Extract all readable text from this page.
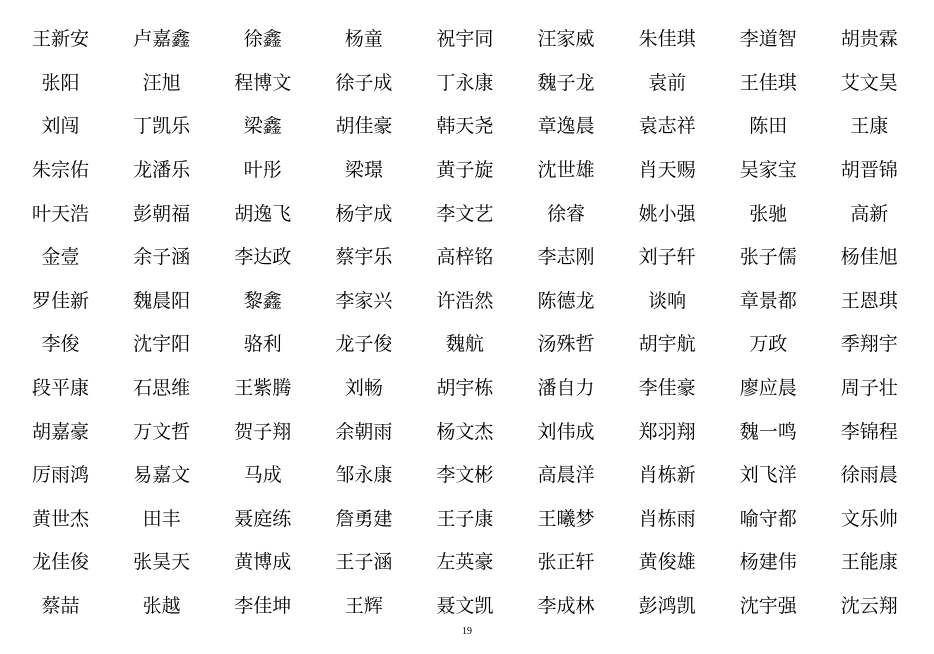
王新安	卢嘉鑫	徐鑫	杨童	祝宇同	汪家威	朱佳琪	李道智	胡贵霖
张阳	汪旭	程博文	徐子成	丁永康	魏子龙	袁前	王佳琪	艾文昊
刘闯	丁凯乐	梁鑫	胡佳豪	韩天尧	章逸晨	袁志祥	陈田	王康
朱宗佑	龙潘乐	叶彤	梁璟	黄子旋	沈世雄	肖天赐	吴家宝	胡晋锦
叶天浩	彭朝福	胡逸飞	杨宇成	李文艺	徐睿	姚小强	张驰	高新
金壹	余子涵	李达政	蔡宇乐	高梓铭	李志刚	刘子轩	张子儒	杨佳旭
罗佳新	魏晨阳	黎鑫	李家兴	许浩然	陈德龙	谈响	章景都	王恩琪
李俊	沈宇阳	骆利	龙子俊	魏航	汤殊哲	胡宇航	万政	季翔宇
段平康	石思维	王紫腾	刘畅	胡宇栋	潘自力	李佳豪	廖应晨	周子壮
胡嘉豪	万文哲	贺子翔	余朝雨	杨文杰	刘伟成	郑羽翔	魏一鸣	李锦程
厉雨鸿	易嘉文	马成	邹永康	李文彬	高晨洋	肖栋新	刘飞洋	徐雨晨
黄世杰	田丰	聂庭练	詹勇建	王子康	王曦梦	肖栋雨	喻守都	文乐帅
龙佳俊	张昊天	黄博成	王子涵	左英豪	张正轩	黄俊雄	杨建伟	王能康
蔡喆	张越	李佳坤	王辉	聂文凯	李成林	彭鸿凯	沈宇强	沈云翔
19
